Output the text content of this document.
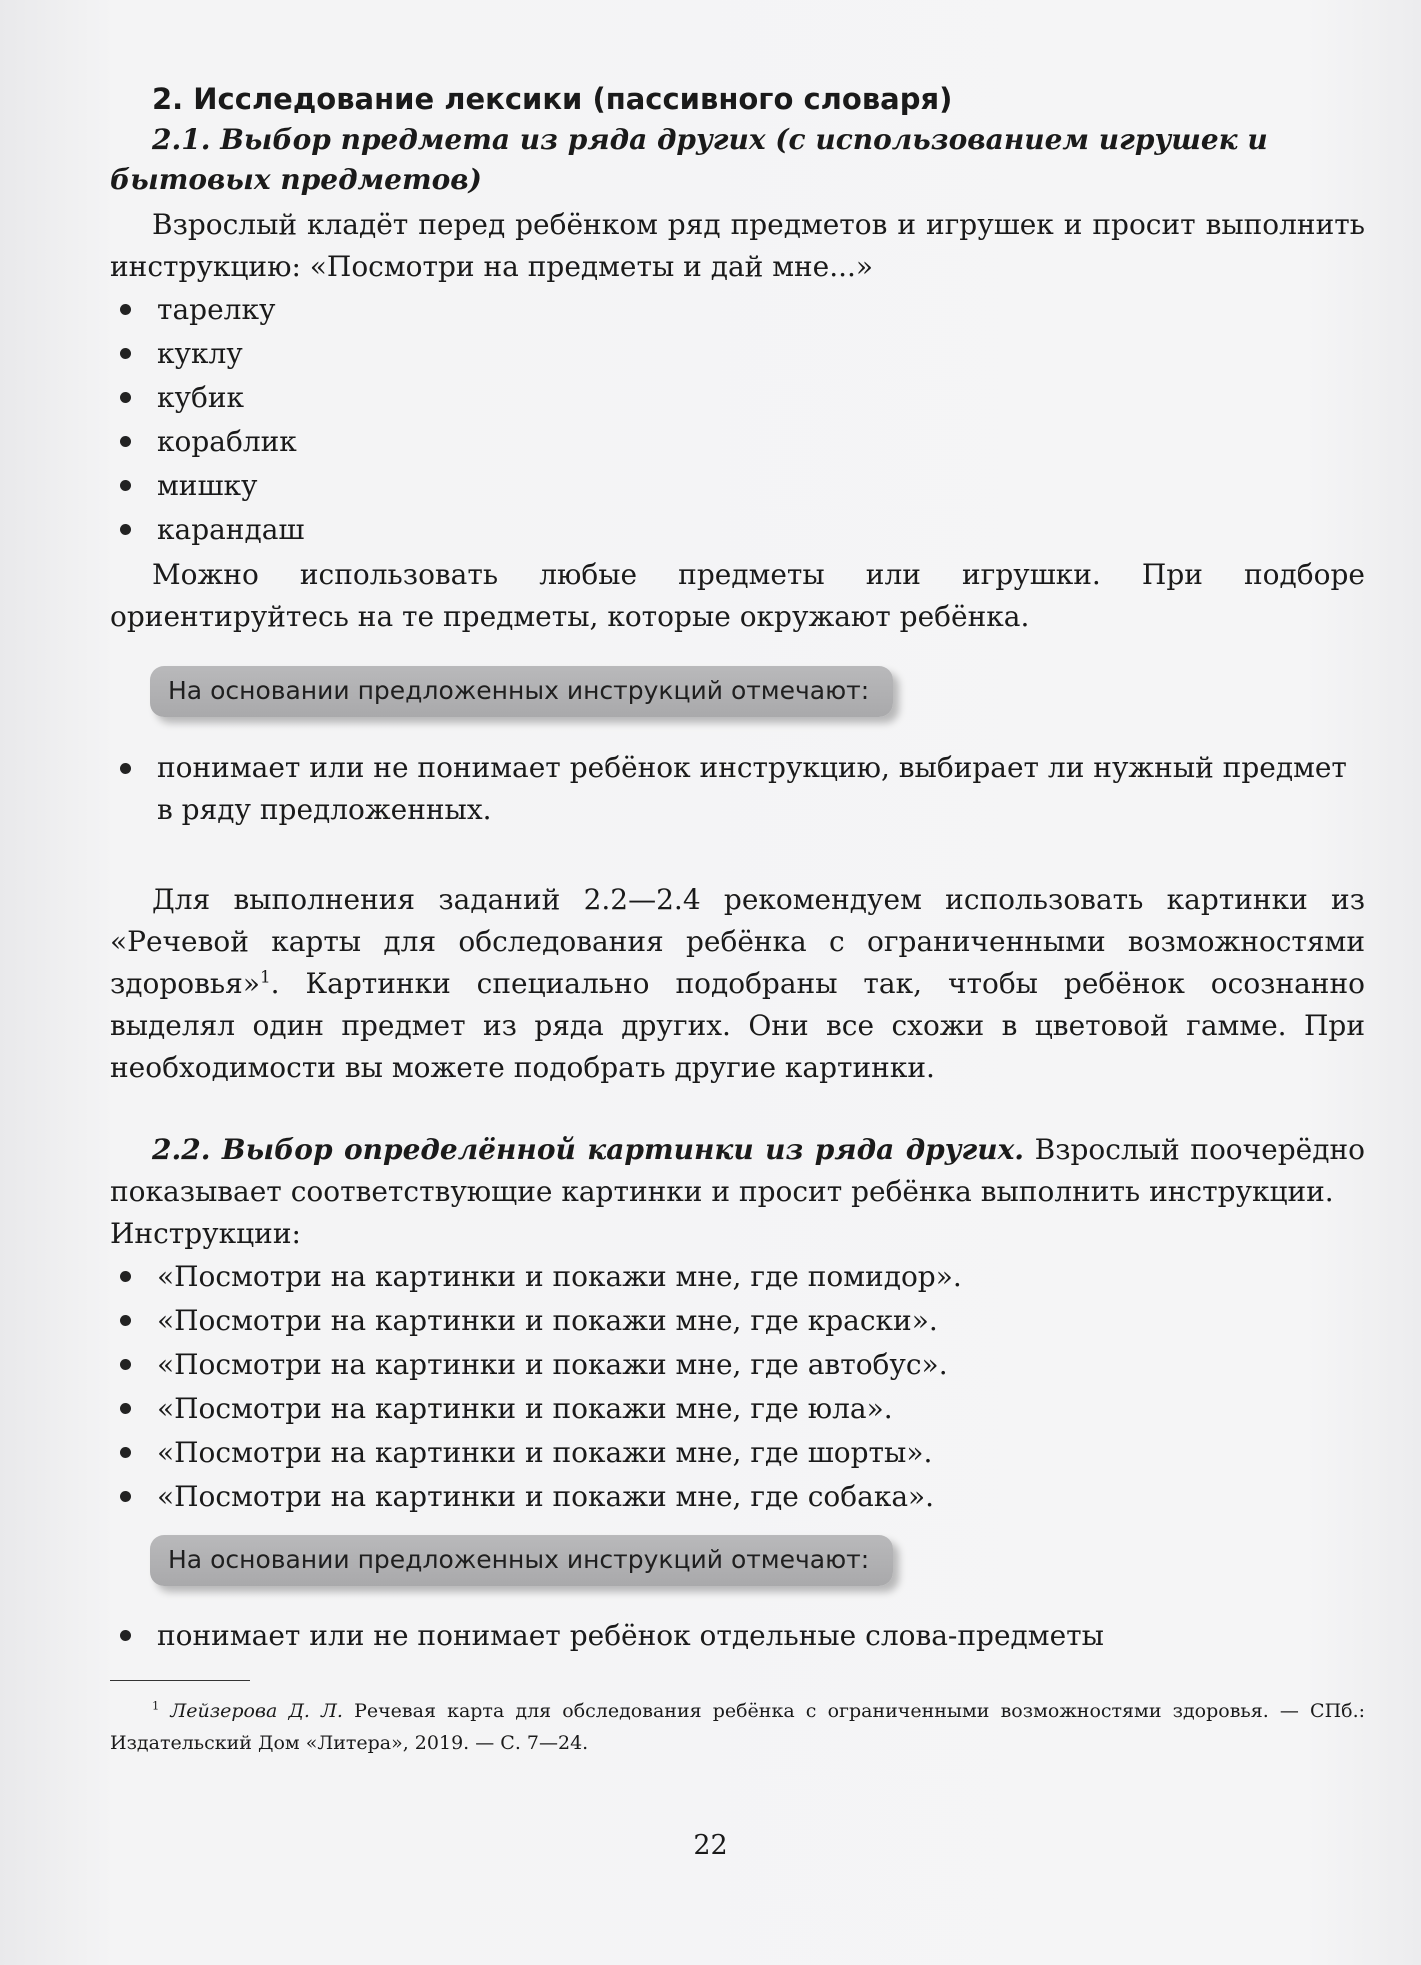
2. Исследование лексики (пассивного словаря)
2.1. Выбор предмета из ряда других (с использованием игрушек и бытовых предметов)

Взрослый кладёт перед ребёнком ряд предметов и игрушек и просит выполнить инструкцию: «Посмотри на предметы и дай мне...»

тарелку
куклу
кубик
кораблик
мишку
карандаш

Можно использовать любые предметы или игрушки. При подборе ориентируйтесь на те предметы, которые окружают ребёнка.

На основании предложенных инструкций отмечают:
понимает или не понимает ребёнок инструкцию, выбирает ли нужный предмет в ряду предложенных.

Для выполнения заданий 2.2—2.4 рекомендуем использовать картинки из «Речевой карты для обследования ребёнка с ограниченными возможностями здоровья»$^1$. Картинки специально подобраны так, чтобы ребёнок осознанно выделял один предмет из ряда других. Они все схожи в цветовой гамме. При необходимости вы можете подобрать другие картинки.

2.2. Выбор определённой картинки из ряда других. Взрослый поочерёдно показывает соответствующие картинки и просит ребёнка выполнить инструкции.

Инструкции:

«Посмотри на картинки и покажи мне, где помидор».
«Посмотри на картинки и покажи мне, где краски».
«Посмотри на картинки и покажи мне, где автобус».
«Посмотри на картинки и покажи мне, где юла».
«Посмотри на картинки и покажи мне, где шорты».
«Посмотри на картинки и покажи мне, где собака».
На основании предложенных инструкций отмечают:
понимает или не понимает ребёнок отдельные слова-предметы

$^1$ Лейзерова Д. Л. Речевая карта для обследования ребёнка с ограниченными возможностями здоровья. — СПб.: Издательский Дом «Литера», 2019. — С. 7—24.

22
